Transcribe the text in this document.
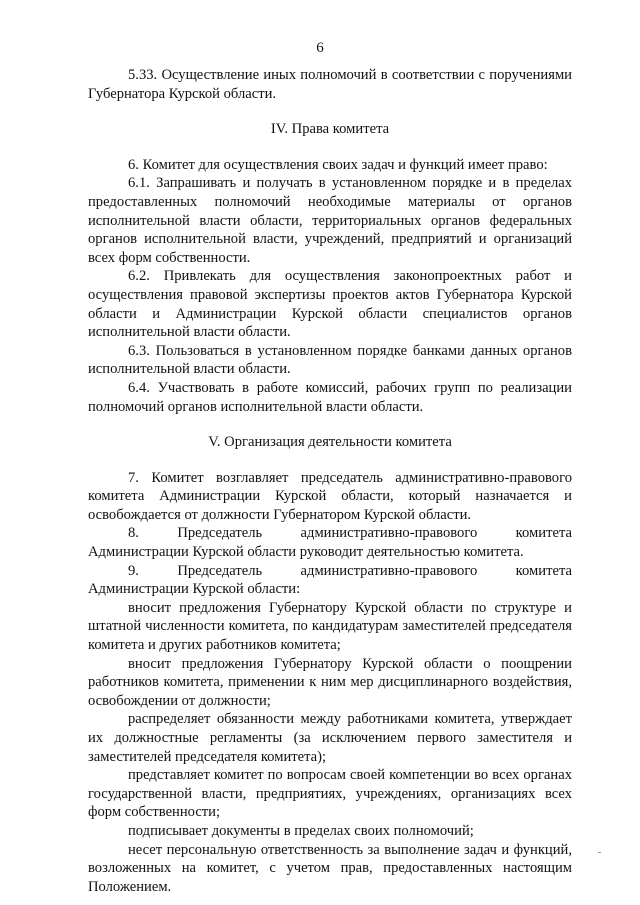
6

5.33. Осуществление иных полномочий в соответствии с поручениями Губернатора Курской области.

IV. Права комитета

6. Комитет для осуществления своих задач и функций имеет право:

6.1. Запрашивать и получать в установленном порядке и в пределах предоставленных полномочий необходимые материалы от органов исполнительной власти области, территориальных органов федеральных органов исполнительной власти, учреждений, предприятий и организаций всех форм собственности.

6.2. Привлекать для осуществления законопроектных работ и осуществления правовой экспертизы проектов актов Губернатора Курской области и Администрации Курской области специалистов органов исполнительной власти области.

6.3. Пользоваться в установленном порядке банками данных органов исполнительной власти области.

6.4. Участвовать в работе комиссий, рабочих групп по реализации полномочий органов исполнительной власти области.

V. Организация деятельности комитета

7. Комитет возглавляет председатель административно-правового комитета Администрации Курской области, который назначается и освобождается от должности Губернатором Курской области.

8.	Председатель	административно-правового	комитета

Администрации Курской области руководит деятельностью комитета.

9.	Председатель	административно-правового	комитета

Администрации Курской области:

вносит предложения Губернатору Курской области по структуре и штатной численности комитета, по кандидатурам заместителей председателя комитета и других работников комитета;

вносит предложения Губернатору Курской области о поощрении работников комитета, применении к ним мер дисциплинарного воздействия, освобождении от должности;

распределяет обязанности между работниками комитета, утверждает их должностные регламенты (за исключением первого заместителя и заместителей председателя комитета);

представляет комитет по вопросам своей компетенции во всех органах государственной власти, предприятиях, учреждениях, организациях всех форм собственности;

подписывает документы в пределах своих полномочий;

несет персональную ответственность за выполнение задач и функций, возложенных на комитет, с учетом прав, предоставленных настоящим Положением.
